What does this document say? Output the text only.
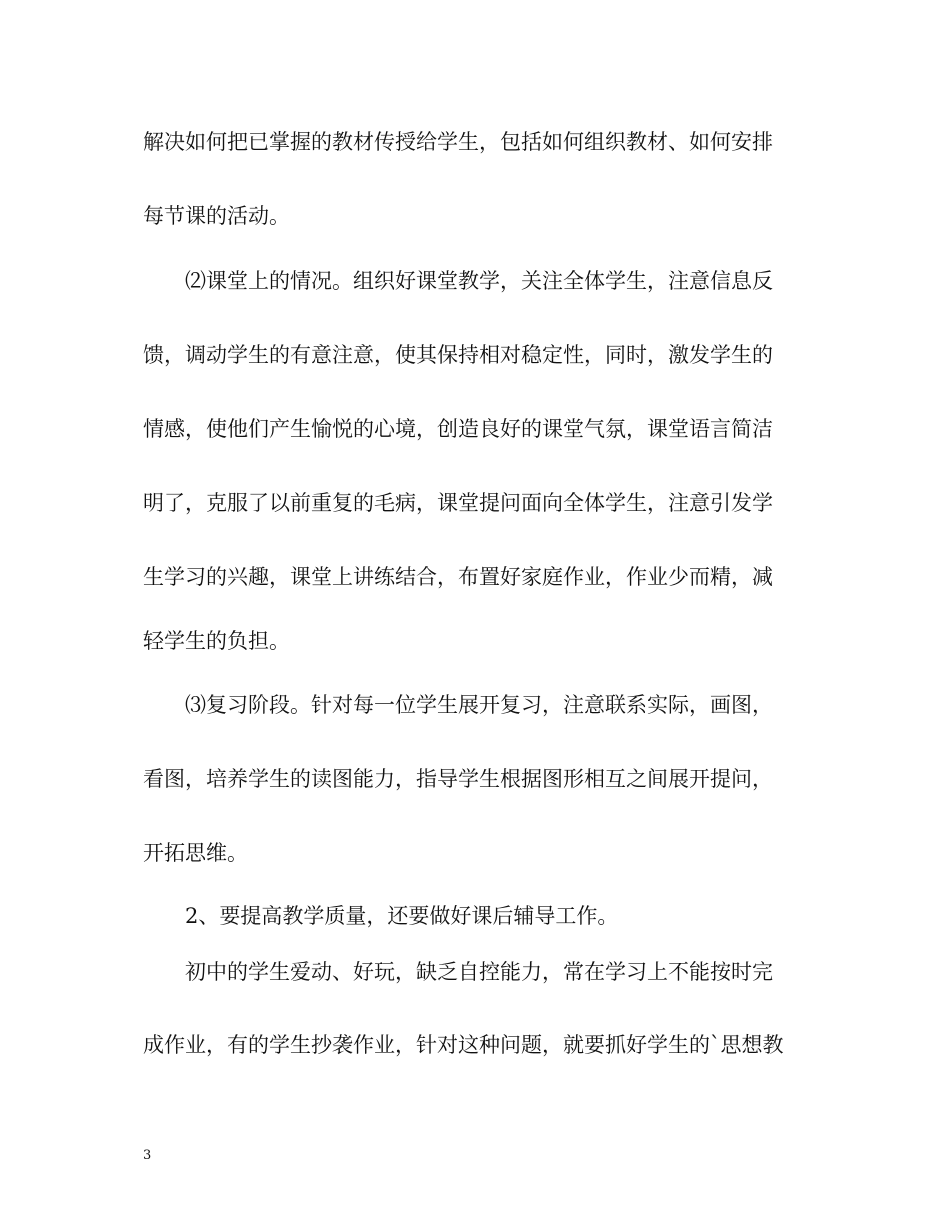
解决如何把已掌握的教材传授给学生，包括如何组织教材、如何安排
每节课的活动。
⑵课堂上的情况。组织好课堂教学，关注全体学生，注意信息反
馈，调动学生的有意注意，使其保持相对稳定性，同时，激发学生的
情感，使他们产生愉悦的心境，创造良好的课堂气氛，课堂语言简洁
明了，克服了以前重复的毛病，课堂提问面向全体学生，注意引发学
生学习的兴趣，课堂上讲练结合，布置好家庭作业，作业少而精，减
轻学生的负担。
⑶复习阶段。针对每一位学生展开复习，注意联系实际，画图，
看图，培养学生的读图能力，指导学生根据图形相互之间展开提问，
开拓思维。
2、要提高教学质量，还要做好课后辅导工作。
初中的学生爱动、好玩，缺乏自控能力，常在学习上不能按时完
成作业，有的学生抄袭作业，针对这种问题，就要抓好学生的`思想教
3
